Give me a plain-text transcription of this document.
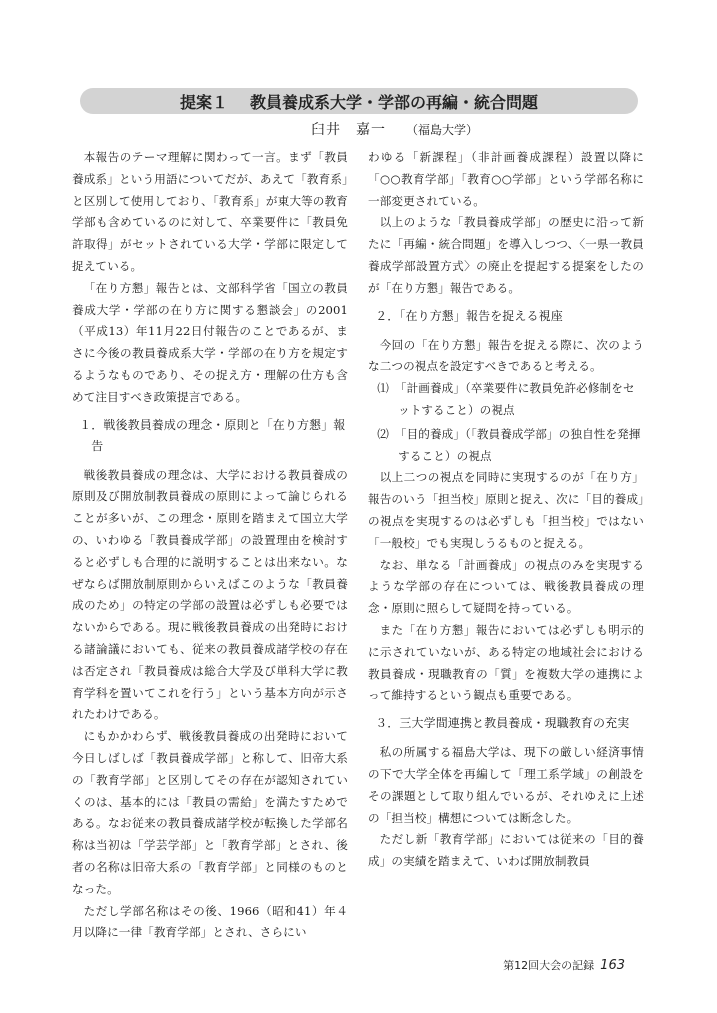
提案１ 教員養成系大学・学部の再編・統合問題
臼井　嘉一 （福島大学）

本報告のテーマ理解に関わって一言。まず「教員養成系」という用語についてだが、あえて「教育系」と区別して使用しており、「教育系」が東大等の教育学部も含めているのに対して、卒業要件に「教員免許取得」がセットされている大学・学部に限定して捉えている。

「在り方懇」報告とは、文部科学省「国立の教員養成大学・学部の在り方に関する懇談会」の2001（平成13）年11月22日付報告のことであるが、まさに今後の教員養成系大学・学部の在り方を規定するようなものであり、その捉え方・理解の仕方も含めて注目すべき政策提言である。

１．戦後教員養成の理念・原則と「在り方懇」報告

戦後教員養成の理念は、大学における教員養成の原則及び開放制教員養成の原則によって論じられることが多いが、この理念・原則を踏まえて国立大学の、いわゆる「教員養成学部」の設置理由を検討すると必ずしも合理的に説明することは出来ない。なぜならば開放制原則からいえばこのような「教員養成のため」の特定の学部の設置は必ずしも必要ではないからである。現に戦後教員養成の出発時における諸論議においても、従来の教員養成諸学校の存在は否定され「教員養成は総合大学及び単科大学に教育学科を置いてこれを行う」という基本方向が示されたわけである。

にもかかわらず、戦後教員養成の出発時において今日しばしば「教員養成学部」と称して、旧帝大系の「教育学部」と区別してその存在が認知されていくのは、基本的には「教員の需給」を満たすためである。なお従来の教員養成諸学校が転換した学部名称は当初は「学芸学部」と「教育学部」とされ、後者の名称は旧帝大系の「教育学部」と同様のものとなった。

ただし学部名称はその後、1966（昭和41）年４月以降に一律「教育学部」とされ、さらにい

わゆる「新課程」（非計画養成課程）設置以降に「○○教育学部」「教育○○学部」という学部名称に一部変更されている。

以上のような「教員養成学部」の歴史に沿って新たに「再編・統合問題」を導入しつつ、〈一県一教員養成学部設置方式〉の廃止を提起する提案をしたのが「在り方懇」報告である。

２．「在り方懇」報告を捉える視座

今回の「在り方懇」報告を捉える際に、次のような二つの視点を設定すべきであると考える。

⑴　「計画養成」（卒業要件に教員免許必修制をセットすること）の視点
⑵　「目的養成」（「教員養成学部」の独自性を発揮すること）の視点

以上二つの視点を同時に実現するのが「在り方」報告のいう「担当校」原則と捉え、次に「目的養成」の視点を実現するのは必ずしも「担当校」ではない「一般校」でも実現しうるものと捉える。

なお、単なる「計画養成」の視点のみを実現するような学部の存在については、戦後教員養成の理念・原則に照らして疑問を持っている。

また「在り方懇」報告においては必ずしも明示的に示されていないが、ある特定の地域社会における教員養成・現職教育の「質」を複数大学の連携によって維持するという観点も重要である。

３．三大学間連携と教員養成・現職教育の充実

私の所属する福島大学は、現下の厳しい経済事情の下で大学全体を再編して「理工系学域」の創設をその課題として取り組んでいるが、それゆえに上述の「担当校」構想については断念した。

ただし新「教育学部」においては従来の「目的養成」の実績を踏まえて、いわば開放制教員

第12回大会の記録 163
